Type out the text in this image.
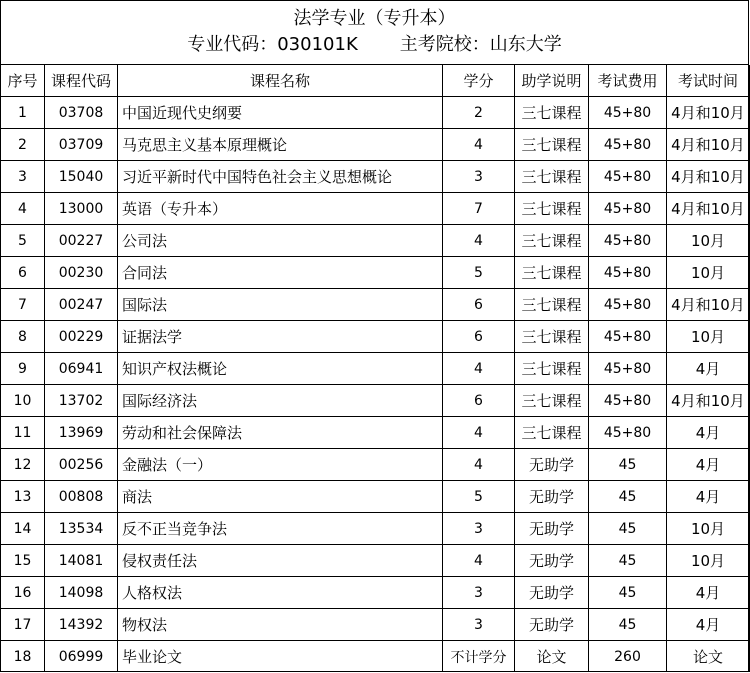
法学专业（专升本）
专业代码：030101K 主考院校：山东大学
序号	课程代码	课程名称	学分	助学说明	考试费用	考试时间
1	03708	中国近现代史纲要	2	三七课程	45+80	4月和10月
2	03709	马克思主义基本原理概论	4	三七课程	45+80	4月和10月
3	15040	习近平新时代中国特色社会主义思想概论	3	三七课程	45+80	4月和10月
4	13000	英语（专升本）	7	三七课程	45+80	4月和10月
5	00227	公司法	4	三七课程	45+80	10月
6	00230	合同法	5	三七课程	45+80	10月
7	00247	国际法	6	三七课程	45+80	4月和10月
8	00229	证据法学	6	三七课程	45+80	10月
9	06941	知识产权法概论	4	三七课程	45+80	4月
10	13702	国际经济法	6	三七课程	45+80	4月和10月
11	13969	劳动和社会保障法	4	三七课程	45+80	4月
12	00256	金融法（一）	4	无助学	45	4月
13	00808	商法	5	无助学	45	4月
14	13534	反不正当竞争法	3	无助学	45	10月
15	14081	侵权责任法	4	无助学	45	10月
16	14098	人格权法	3	无助学	45	4月
17	14392	物权法	3	无助学	45	4月
18	06999	毕业论文	不计学分	论文	260	论文
